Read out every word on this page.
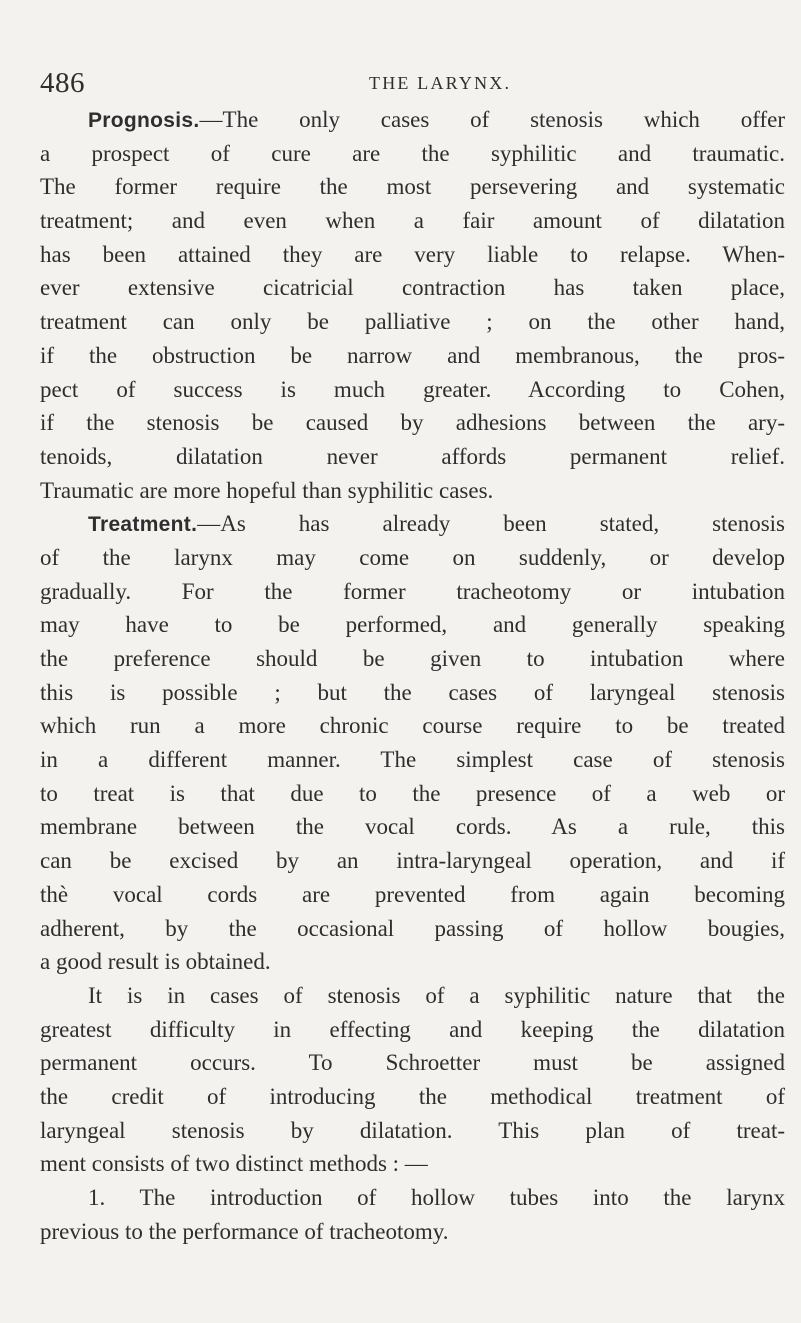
486	THE LARYNX.
Prognosis.—The only cases of stenosis which offer
a prospect of cure are the syphilitic and traumatic.
The former require the most persevering and systematic
treatment; and even when a fair amount of dilatation
has been attained they are very liable to relapse. When-
ever extensive cicatricial contraction has taken place,
treatment can only be palliative ; on the other hand,
if the obstruction be narrow and membranous, the pros-
pect of success is much greater. According to Cohen,
if the stenosis be caused by adhesions between the ary-
tenoids, dilatation never affords permanent relief.
Traumatic are more hopeful than syphilitic cases.
Treatment.—As has already been stated, stenosis
of the larynx may come on suddenly, or develop
gradually. For the former tracheotomy or intubation
may have to be performed, and generally speaking
the preference should be given to intubation where
this is possible ; but the cases of laryngeal stenosis
which run a more chronic course require to be treated
in a different manner. The simplest case of stenosis
to treat is that due to the presence of a web or
membrane between the vocal cords. As a rule, this
can be excised by an intra-laryngeal operation, and if
thè vocal cords are prevented from again becoming
adherent, by the occasional passing of hollow bougies,
a good result is obtained.
It is in cases of stenosis of a syphilitic nature that the
greatest difficulty in effecting and keeping the dilatation
permanent occurs. To Schroetter must be assigned
the credit of introducing the methodical treatment of
laryngeal stenosis by dilatation. This plan of treat-
ment consists of two distinct methods : —
1. The introduction of hollow tubes into the larynx
previous to the performance of tracheotomy.
